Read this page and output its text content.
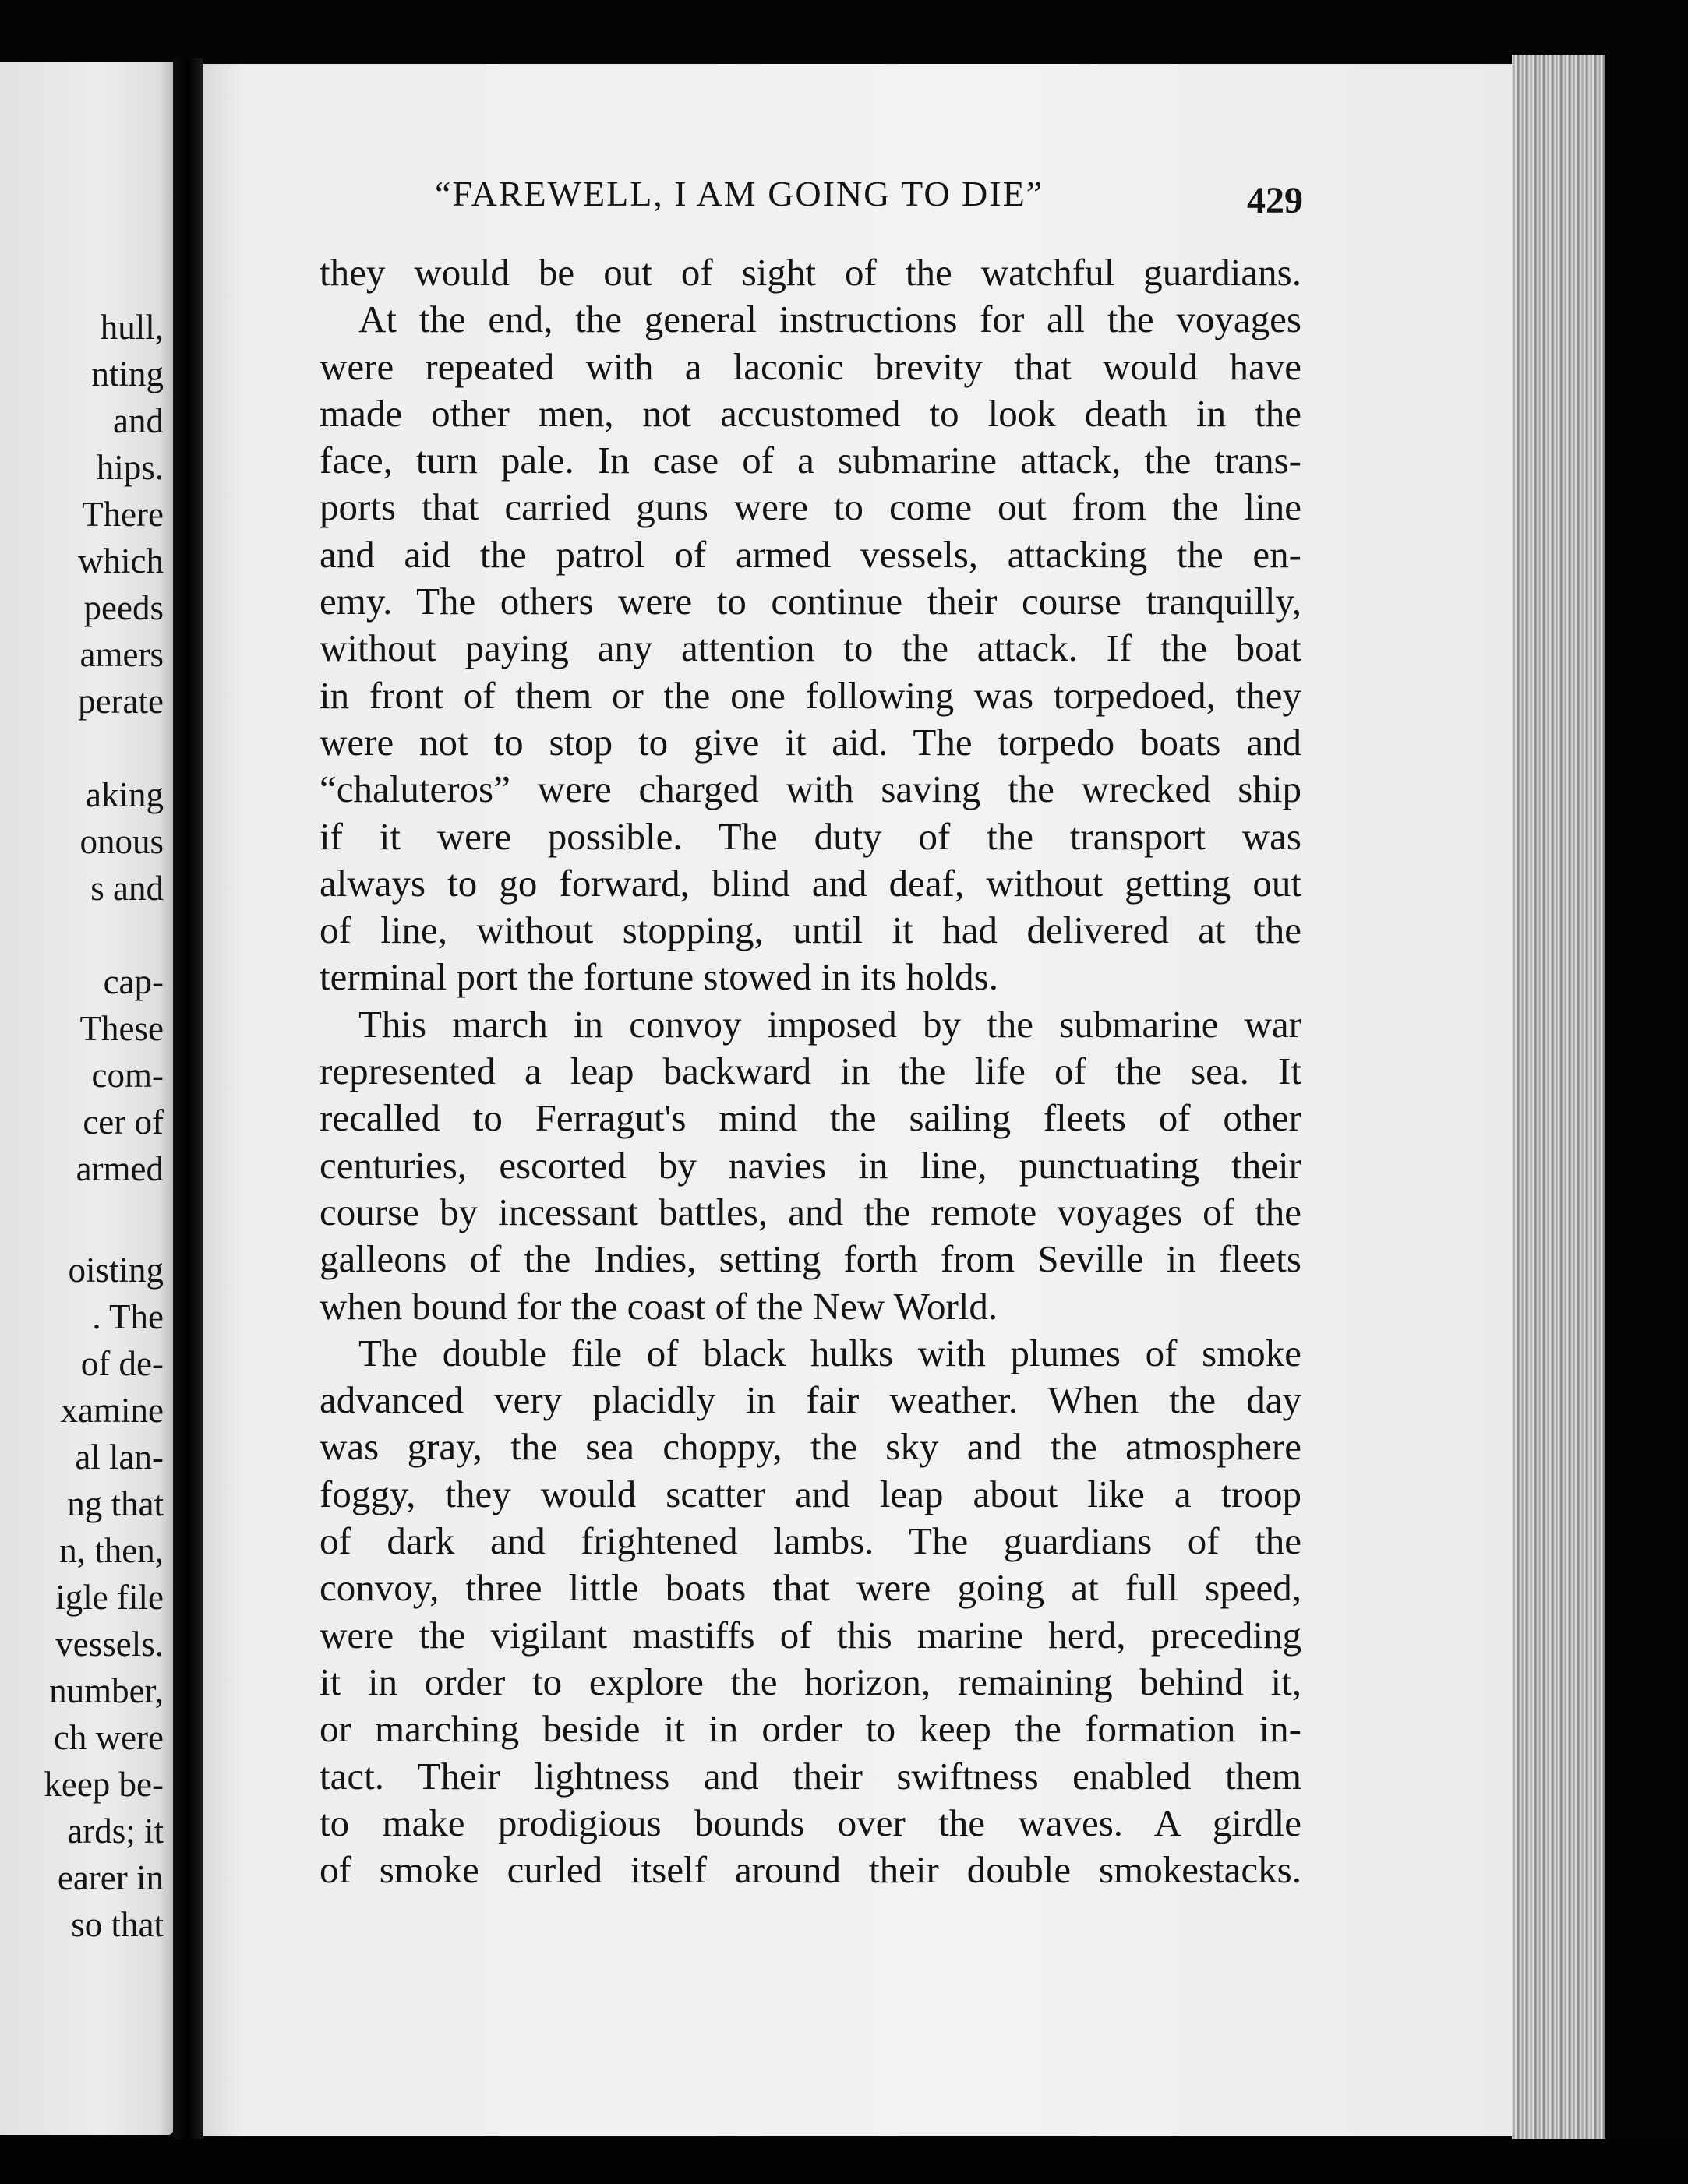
hull,
nting
and
hips.
There
which
peeds
amers
perate
aking
onous
s and
cap-
These
com-
cer of
armed
oisting
. The
of de-
xamine
al lan-
ng that
n, then,
igle file
vessels.
number,
ch were
keep be-
ards; it
earer in
so that
“FAREWELL, I AM GOING TO DIE”	429
they would be out of sight of the watchful guardians.
At the end, the general instructions for all the voyages
were repeated with a laconic brevity that would have
made other men, not accustomed to look death in the
face, turn pale. In case of a submarine attack, the trans-
ports that carried guns were to come out from the line
and aid the patrol of armed vessels, attacking the en-
emy. The others were to continue their course tranquilly,
without paying any attention to the attack. If the boat
in front of them or the one following was torpedoed, they
were not to stop to give it aid. The torpedo boats and
“chaluteros” were charged with saving the wrecked ship
if it were possible. The duty of the transport was
always to go forward, blind and deaf, without getting out
of line, without stopping, until it had delivered at the
terminal port the fortune stowed in its holds.
This march in convoy imposed by the submarine war
represented a leap backward in the life of the sea. It
recalled to Ferragut's mind the sailing fleets of other
centuries, escorted by navies in line, punctuating their
course by incessant battles, and the remote voyages of the
galleons of the Indies, setting forth from Seville in fleets
when bound for the coast of the New World.
The double file of black hulks with plumes of smoke
advanced very placidly in fair weather. When the day
was gray, the sea choppy, the sky and the atmosphere
foggy, they would scatter and leap about like a troop
of dark and frightened lambs. The guardians of the
convoy, three little boats that were going at full speed,
were the vigilant mastiffs of this marine herd, preceding
it in order to explore the horizon, remaining behind it,
or marching beside it in order to keep the formation in-
tact. Their lightness and their swiftness enabled them
to make prodigious bounds over the waves. A girdle
of smoke curled itself around their double smokestacks.
